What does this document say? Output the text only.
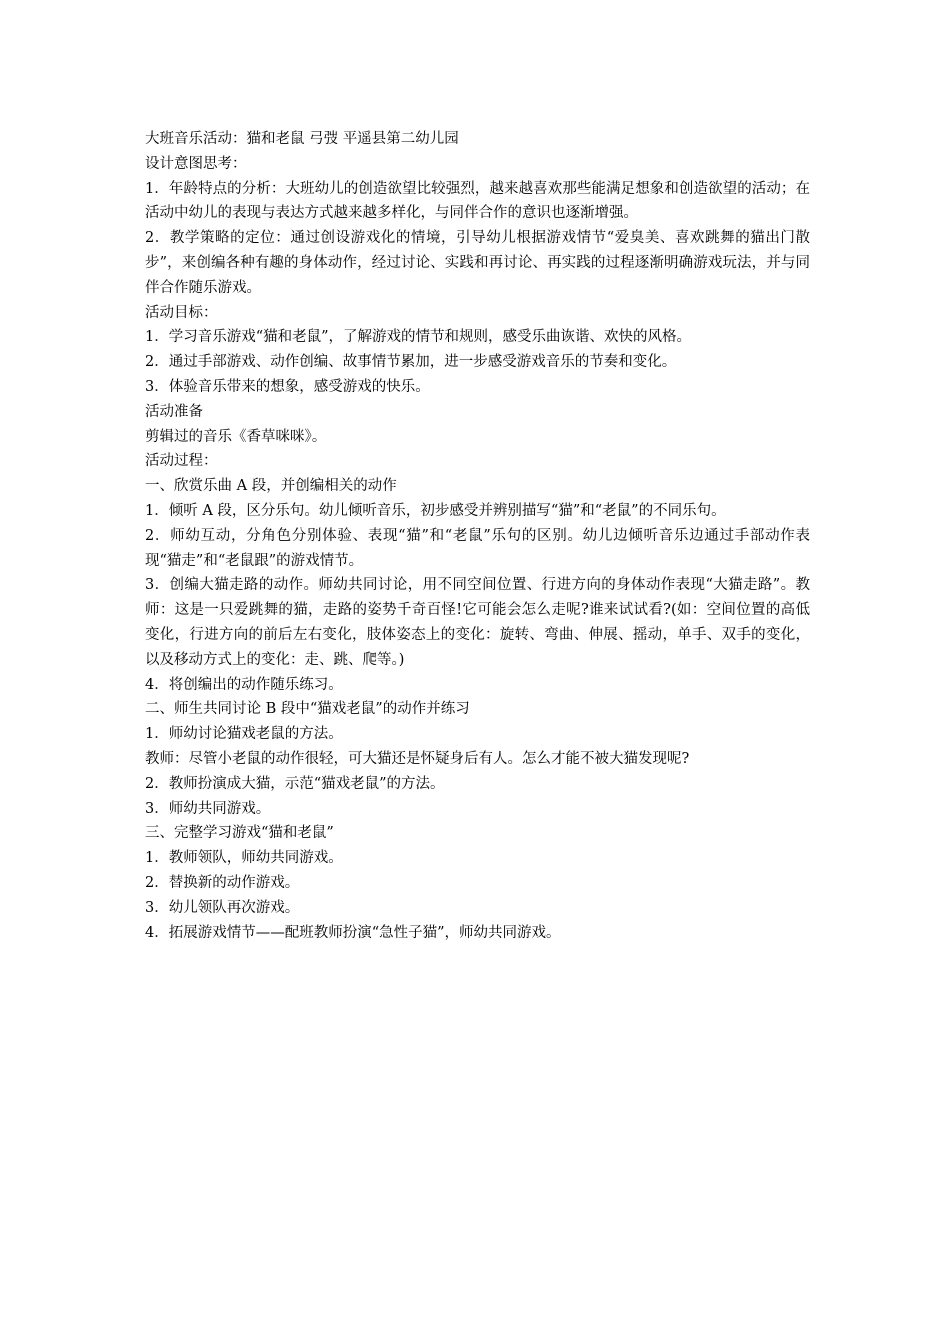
大班音乐活动：猫和老鼠 弓弢 平遥县第二幼儿园

设计意图思考：

1．年龄特点的分析：大班幼儿的创造欲望比较强烈，越来越喜欢那些能满足想象和创造欲望的活动；在活动中幼儿的表现与表达方式越来越多样化，与同伴合作的意识也逐渐增强。

2．教学策略的定位：通过创设游戏化的情境，引导幼儿根据游戏情节“爱臭美、喜欢跳舞的猫出门散步”，来创编各种有趣的身体动作，经过讨论、实践和再讨论、再实践的过程逐渐明确游戏玩法，并与同伴合作随乐游戏。

活动目标：

1．学习音乐游戏“猫和老鼠”，了解游戏的情节和规则，感受乐曲诙谐、欢快的风格。

2．通过手部游戏、动作创编、故事情节累加，进一步感受游戏音乐的节奏和变化。

3．体验音乐带来的想象，感受游戏的快乐。

活动准备

剪辑过的音乐《香草咪咪》。

活动过程：

一、欣赏乐曲 A 段，并创编相关的动作

1．倾听 A 段，区分乐句。幼儿倾听音乐，初步感受并辨别描写“猫”和“老鼠”的不同乐句。

2．师幼互动，分角色分别体验、表现“猫”和“老鼠”乐句的区别。幼儿边倾听音乐边通过手部动作表现“猫走”和“老鼠跟”的游戏情节。

3．创编大猫走路的动作。师幼共同讨论，用不同空间位置、行进方向的身体动作表现“大猫走路”。教师：这是一只爱跳舞的猫，走路的姿势千奇百怪!它可能会怎么走呢?谁来试试看?(如：空间位置的高低变化，行进方向的前后左右变化，肢体姿态上的变化：旋转、弯曲、伸展、摇动，单手、双手的变化，以及移动方式上的变化：走、跳、爬等。)

4．将创编出的动作随乐练习。

二、师生共同讨论 B 段中“猫戏老鼠”的动作并练习

1．师幼讨论猫戏老鼠的方法。

教师：尽管小老鼠的动作很轻，可大猫还是怀疑身后有人。怎么才能不被大猫发现呢?

2．教师扮演成大猫，示范“猫戏老鼠”的方法。

3．师幼共同游戏。

三、完整学习游戏“猫和老鼠”

1．教师领队，师幼共同游戏。

2．替换新的动作游戏。

3．幼儿领队再次游戏。

4．拓展游戏情节——配班教师扮演“急性子猫”，师幼共同游戏。
